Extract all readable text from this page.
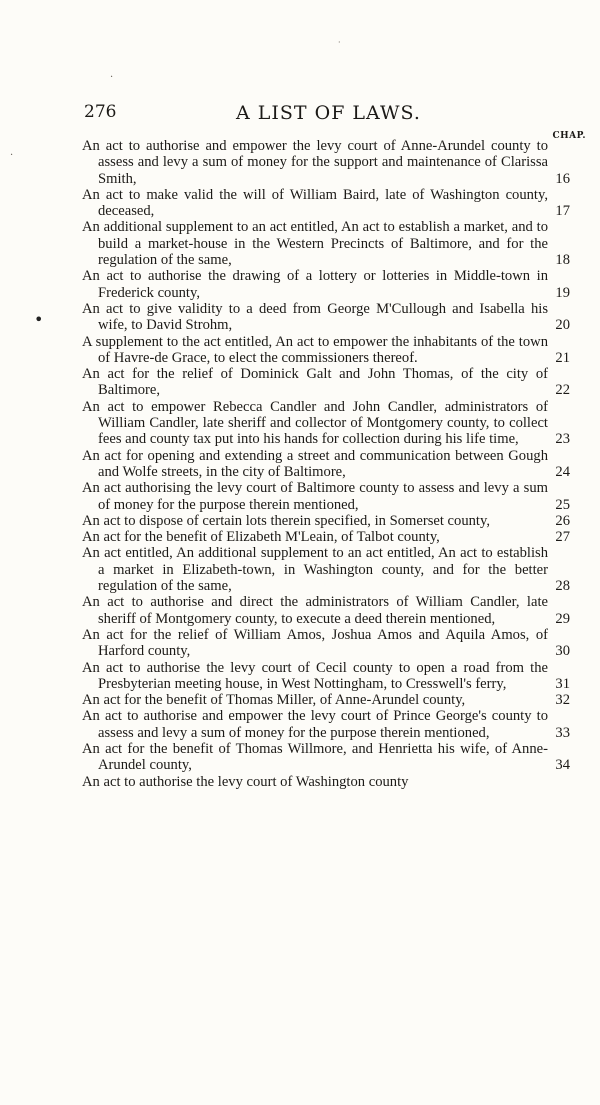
276	A LIST OF LAWS.
CHAP.
An act to authorise and empower the levy court of Anne-Arundel county to assess and levy a sum of money for the support and maintenance of Clarissa Smith,	16
An act to make valid the will of William Baird, late of Washington county, deceased,	17
An additional supplement to an act entitled, An act to establish a market, and to build a market-house in the Western Precincts of Baltimore, and for the regulation of the same,	18
An act to authorise the drawing of a lottery or lotteries in Middle-town in Frederick county,	19
An act to give validity to a deed from George M'Cullough and Isabella his wife, to David Strohm,	20
A supplement to the act entitled, An act to empower the inhabitants of the town of Havre-de Grace, to elect the commissioners thereof.	21
An act for the relief of Dominick Galt and John Thomas, of the city of Baltimore,	22
An act to empower Rebecca Candler and John Candler, administrators of William Candler, late sheriff and collector of Montgomery county, to collect fees and county tax put into his hands for collection during his life time,	23
An act for opening and extending a street and communication between Gough and Wolfe streets, in the city of Baltimore,	24
An act authorising the levy court of Baltimore county to assess and levy a sum of money for the purpose therein mentioned,	25
An act to dispose of certain lots therein specified, in Somerset county,	26
An act for the benefit of Elizabeth M'Leain, of Talbot county,	27
An act entitled, An additional supplement to an act entitled, An act to establish a market in Elizabeth-town, in Washington county, and for the better regulation of the same,	28
An act to authorise and direct the administrators of William Candler, late sheriff of Montgomery county, to execute a deed therein mentioned,	29
An act for the relief of William Amos, Joshua Amos and Aquila Amos, of Harford county,	30
An act to authorise the levy court of Cecil county to open a road from the Presbyterian meeting house, in West Nottingham, to Cresswell's ferry,	31
An act for the benefit of Thomas Miller, of Anne-Arundel county,	32
An act to authorise and empower the levy court of Prince George's county to assess and levy a sum of money for the purpose therein mentioned,	33
An act for the benefit of Thomas Willmore, and Henrietta his wife, of Anne-Arundel county,	34
An act to authorise the levy court of Washington county
·
·
·
•
